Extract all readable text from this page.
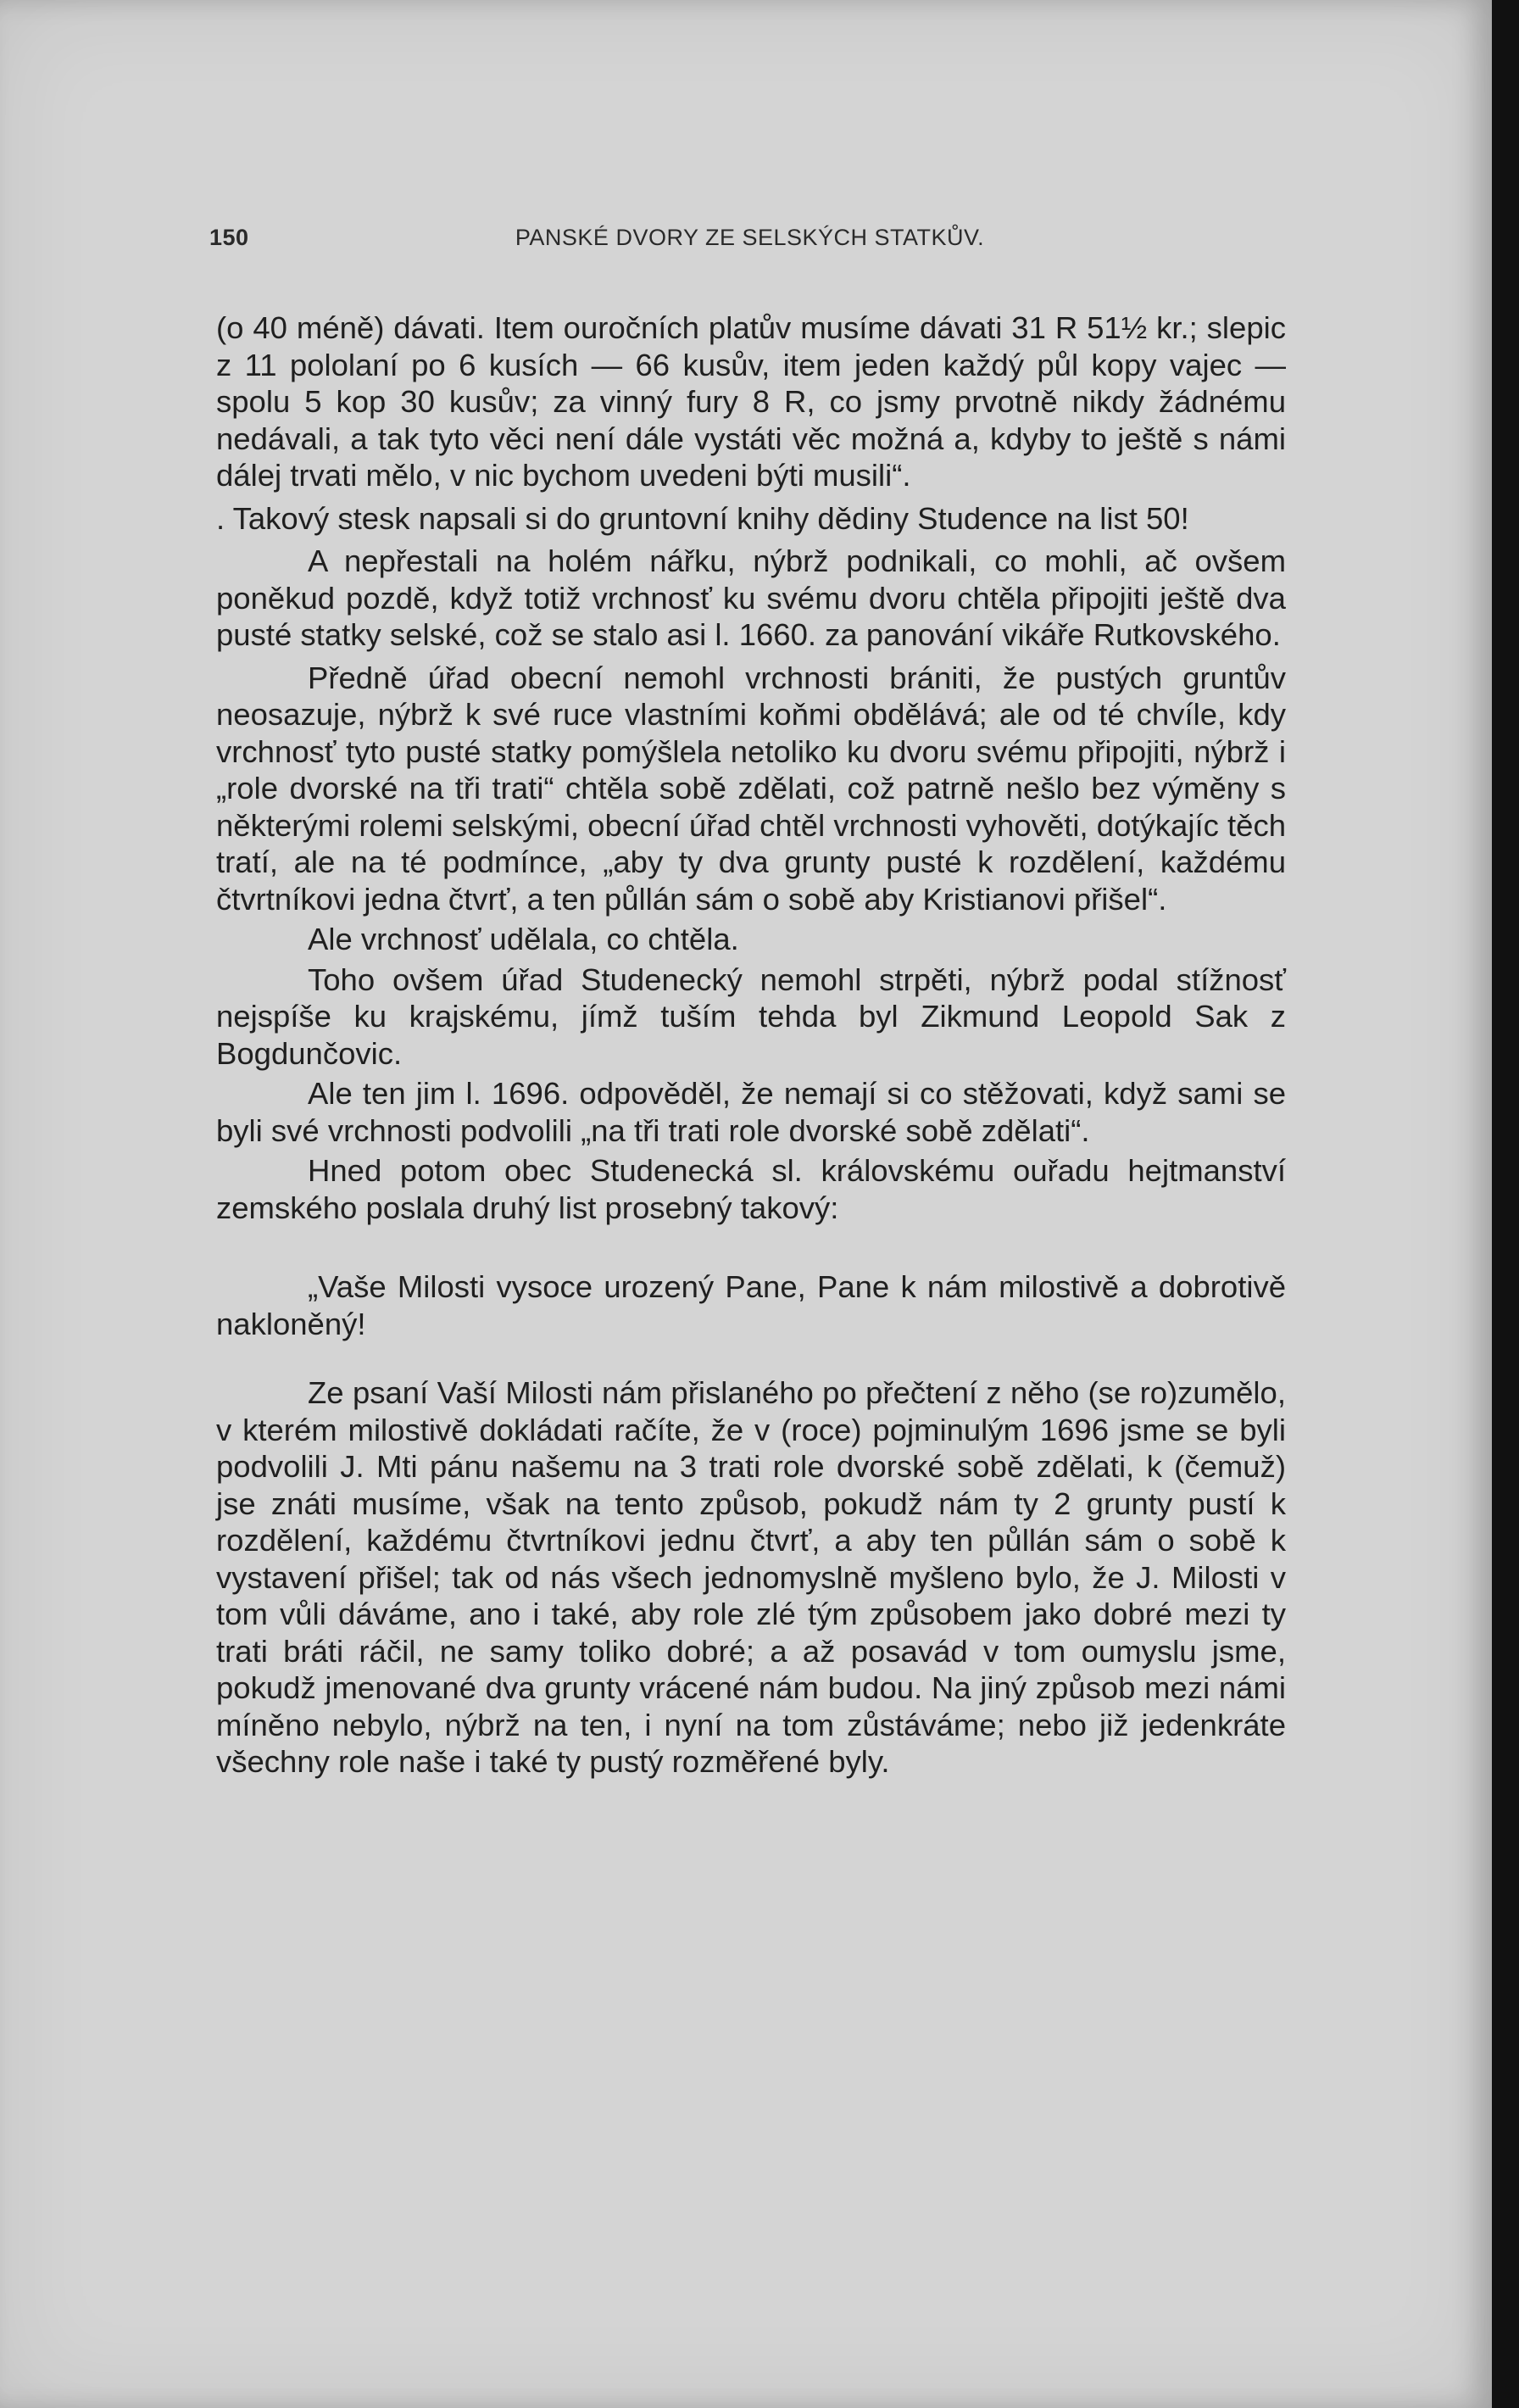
150	PANSKÉ DVORY ZE SELSKÝCH STATKŮV.

(o 40 méně) dávati. Item ouročních platův musíme dávati 31 R 51½ kr.; slepic z 11 pololaní po 6 kusích — 66 kusův, item jeden každý půl kopy vajec — spolu 5 kop 30 kusův; za vinný fury 8 R, co jsmy prvotně nikdy žádnému nedávali, a tak tyto věci není dále vystáti věc možná a, kdyby to ještě s námi dálej trvati mělo, v nic bychom uvedeni býti musili“.

. Takový stesk napsali si do gruntovní knihy dědiny Studence na list 50!

A nepřestali na holém nářku, nýbrž podnikali, co mohli, ač ovšem poněkud pozdě, když totiž vrchnosť ku svému dvoru chtěla připojiti ještě dva pusté statky selské, což se stalo asi l. 1660. za panování vikáře Rutkovského.

Předně úřad obecní nemohl vrchnosti brániti, že pustých gruntův neosazuje, nýbrž k své ruce vlastními koňmi obdělává; ale od té chvíle, kdy vrchnosť tyto pusté statky pomýšlela netoliko ku dvoru svému připojiti, nýbrž i „role dvorské na tři trati“ chtěla sobě zdělati, což patrně nešlo bez výměny s některými rolemi selskými, obecní úřad chtěl vrchnosti vyhověti, dotýkajíc těch tratí, ale na té podmínce, „aby ty dva grunty pusté k rozdělení, každému čtvrtníkovi jedna čtvrť, a ten půllán sám o sobě aby Kristianovi přišel“.

Ale vrchnosť udělala, co chtěla.

Toho ovšem úřad Studenecký nemohl strpěti, nýbrž podal stížnosť nejspíše ku krajskému, jímž tuším tehda byl Zikmund Leopold Sak z Bogdunčovic.

Ale ten jim l. 1696. odpověděl, že nemají si co stěžovati, když sami se byli své vrchnosti podvolili „na tři trati role dvorské sobě zdělati“.

Hned potom obec Studenecká sl. královskému ouřadu hejtmanství zemského poslala druhý list prosebný takový:

„Vaše Milosti vysoce urozený Pane, Pane k nám milostivě a dobrotivě nakloněný!

Ze psaní Vaší Milosti nám přislaného po přečtení z něho (se ro)zumělo, v kterém milostivě dokládati račíte, že v (roce) pojminulým 1696 jsme se byli podvolili J. Mti pánu našemu na 3 trati role dvorské sobě zdělati, k (čemuž) jse znáti musíme, však na tento způsob, pokudž nám ty 2 grunty pustí k rozdělení, každému čtvrtníkovi jednu čtvrť, a aby ten půllán sám o sobě k vystavení přišel; tak od nás všech jednomyslně myšleno bylo, že J. Milosti v tom vůli dáváme, ano i také, aby role zlé tým způsobem jako dobré mezi ty trati bráti ráčil, ne samy toliko dobré; a až posavád v tom oumyslu jsme, pokudž jmenované dva grunty vrácené nám budou. Na jiný způsob mezi námi míněno nebylo, nýbrž na ten, i nyní na tom zůstáváme; nebo již jedenkráte všechny role naše i také ty pustý rozměřené byly.
